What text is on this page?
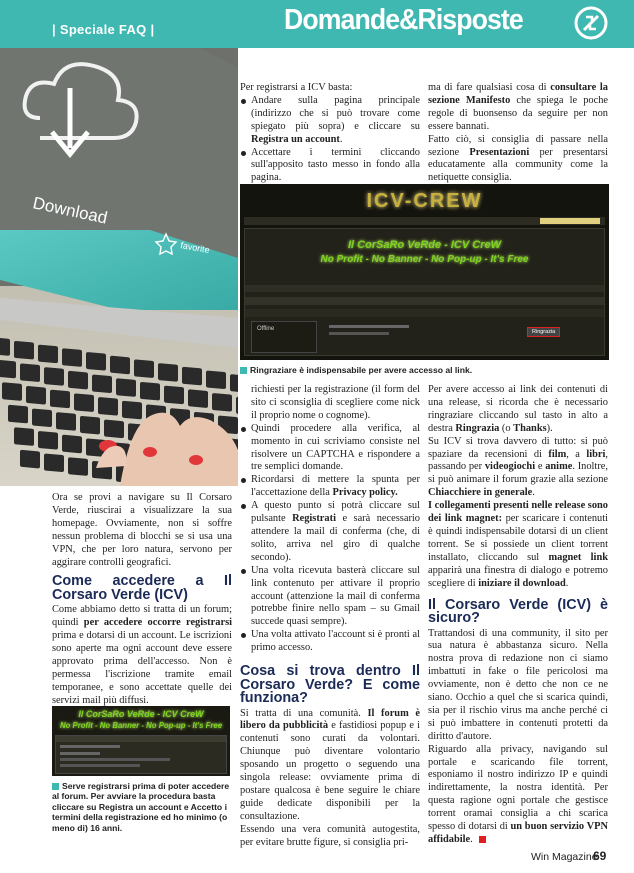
| Speciale FAQ |	Domande&Risposte
Download
favorite

Ora se provi a navigare su Il Corsaro Verde, riuscirai a visualizzare la sua homepage. Ovviamente, non si soffre nessun problema di blocchi se si usa una VPN, che per loro natura, servono per aggirare controlli geografici.

Come accedere a Il Corsaro Verde (ICV)

Come abbiamo detto si tratta di un forum; quindi per accedere occorre registrarsi prima e dotarsi di un account. Le iscrizioni sono aperte ma ogni account deve essere approvato prima dell'accesso. Non è permessa l'iscrizione tramite email temporanee, e sono accettate quelle dei servizi mail più diffusi.

Il CorSaRo VeRde - ICV CreW
No Profit - No Banner - No Pop-up - It's Free
Serve registrarsi prima di poter accedere al forum. Per avviare la procedura basta cliccare su Registra un account e Accetto i termini della registrazione ed ho minimo (o meno di) 16 anni.

Per registrarsi a ICV basta:

Andare sulla pagina principale (indirizzo che si può trovare come spiegato più sopra) e cliccare su Registra un account.
Accettare i termini cliccando sull'apposito tasto messo in fondo alla pagina.

ma di fare qualsiasi cosa di consultare la sezione Manifesto che spiega le poche regole di buonsenso da seguire per non essere bannati.

Fatto ciò, si consiglia di passare nella sezione Presentazioni per presentarsi educatamente alla community come la netiquette consiglia.

ICV-CREW
Il CorSaRo VeRde - ICV CreW
No Profit - No Banner - No Pop-up - It's Free
Offline	Ringrazia
Ringraziare è indispensabile per avere accesso al link.

richiesti per la registrazione (il form del sito ci sconsiglia di scegliere come nick il proprio nome o cognome).

Quindi procedere alla verifica, al momento in cui scriviamo consiste nel risolvere un CAPTCHA e rispondere a tre semplici domande.
Ricordarsi di mettere la spunta per l'accettazione della Privacy policy.
A questo punto si potrà cliccare sul pulsante Registrati e sarà necessario attendere la mail di conferma (che, di solito, arriva nel giro di qualche secondo).
Una volta ricevuta basterà cliccare sul link contenuto per attivare il proprio account (attenzione la mail di conferma potrebbe finire nello spam – su Gmail succede quasi sempre).
Una volta attivato l'account si è pronti al primo accesso.
Cosa si trova dentro Il Corsaro Verde? E come funziona?

Si tratta di una comunità. Il forum è libero da pubblicità e fastidiosi popup e i contenuti sono curati da volontari. Chiunque può diventare volontario sposando un progetto o seguendo una singola release: ovviamente prima di postare qualcosa è bene seguire le chiare guide dedicate disponibili per la consultazione.

Essendo una vera comunità autogestita, per evitare brutte figure, si consiglia pri-

Per avere accesso ai link dei contenuti di una release, si ricorda che è necessario ringraziare cliccando sul tasto in alto a destra Ringrazia (o Thanks).

Su ICV si trova davvero di tutto: si può spaziare da recensioni di film, a libri, passando per videogiochi e anime. Inoltre, si può animare il forum grazie alla sezione Chiacchiere in generale.

I collegamenti presenti nelle release sono dei link magnet: per scaricare i contenuti è quindi indispensabile dotarsi di un client torrent. Se si possiede un client torrent installato, cliccando sul magnet link apparirà una finestra di dialogo e potremo scegliere di iniziare il download.

Il Corsaro Verde (ICV) è sicuro?

Trattandosi di una community, il sito per sua natura è abbastanza sicuro. Nella nostra prova di redazione non ci siamo imbattuti in fake o file pericolosi ma ovviamente, non è detto che non ce ne siano. Occhio a quel che si scarica quindi, sia per il rischio virus ma anche perché ci si può imbattere in contenuti protetti da diritto d'autore.

Riguardo alla privacy, navigando sul portale e scaricando file torrent, esponiamo il nostro indirizzo IP e quindi indirettamente, la nostra identità. Per questa ragione ogni portale che gestisce torrent oramai consiglia a chi scarica spesso di dotarsi di un buon servizio VPN affidabile.

Win Magazine
69
